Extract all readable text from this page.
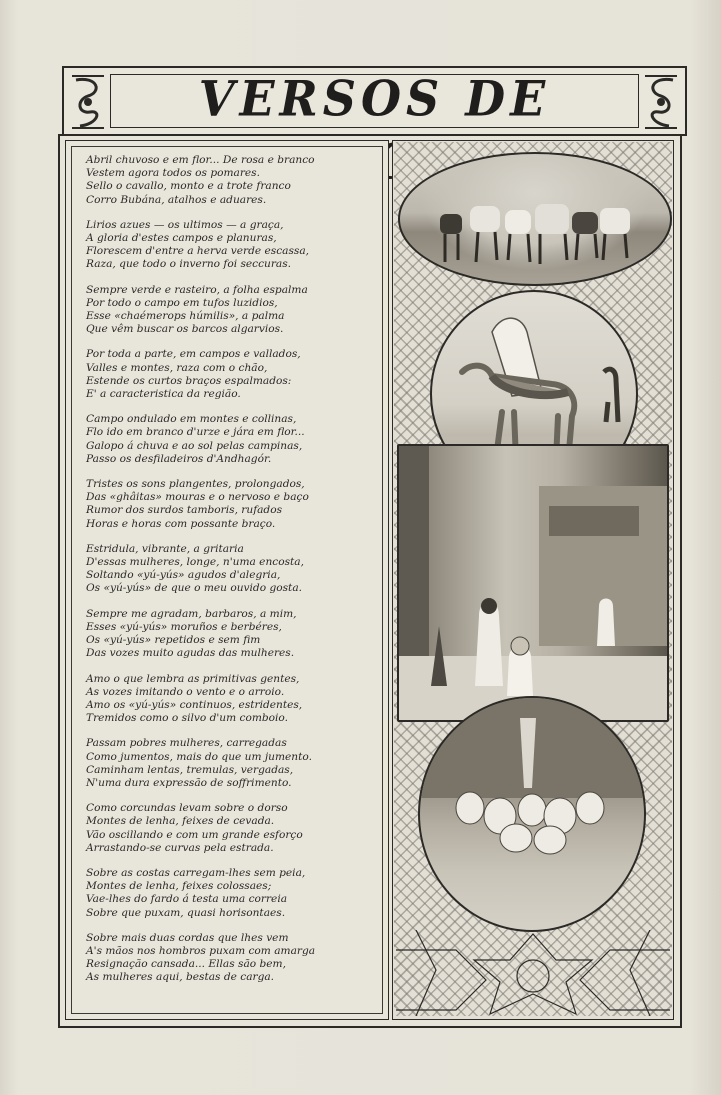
VERSOS DE
Abril chuvoso e em flor... De rosa e branco
Vestem agora todos os pomares.
Sello o cavallo, monto e a trote franco
Corro Bubána, atalhos e aduares.
Lirios azues — os ultimos — a graça,
A gloria d'estes campos e planuras,
Florescem d'entre a herva verde escassa,
Raza, que todo o inverno foi seccuras.
Sempre verde e rasteiro, a folha espalma
Por todo o campo em tufos luzidios,
Esse «chaémerops húmilis», a palma
Que vêm buscar os barcos algarvios.
Por toda a parte, em campos e vallados,
Valles e montes, raza com o chão,
Estende os curtos braços espalmados:
E' a caracteristica da região.
Campo ondulado em montes e collinas,
Flo ido em branco d'urze e jára em flor...
Galopo á chuva e ao sol pelas campinas,
Passo os desfiladeiros d'Andhagór.
Tristes os sons plangentes, prolongados,
Das «ghâitas» mouras e o nervoso e baço
Rumor dos surdos tamboris, rufados
Horas e horas com possante braço.
Estridula, vibrante, a gritaria
D'essas mulheres, longe, n'uma encosta,
Soltando «yú-yús» agudos d'alegria,
Os «yú-yús» de que o meu ouvido gosta.
Sempre me agradam, barbaros, a mim,
Esses «yú-yús» moruños e berbéres,
Os «yú-yús» repetidos e sem fim
Das vozes muito agudas das mulheres.
Amo o que lembra as primitivas gentes,
As vozes imitando o vento e o arroio.
Amo os «yú-yús» continuos, estridentes,
Tremidos como o silvo d'um comboio.
Passam pobres mulheres, carregadas
Como jumentos, mais do que um jumento.
Caminham lentas, tremulas, vergadas,
N'uma dura expressão de soffrimento.
Como corcundas levam sobre o dorso
Montes de lenha, feixes de cevada.
Vão oscillando e com um grande esforço
Arrastando-se curvas pela estrada.
Sobre as costas carregam-lhes sem peia,
Montes de lenha, feixes colossaes;
Vae-lhes do fardo á testa uma correia
Sobre que puxam, quasi horisontaes.
Sobre mais duas cordas que lhes vem
A's mãos nos hombros puxam com amarga
Resignação cansada... Ellas são bem,
As mulheres aqui, bestas de carga.
